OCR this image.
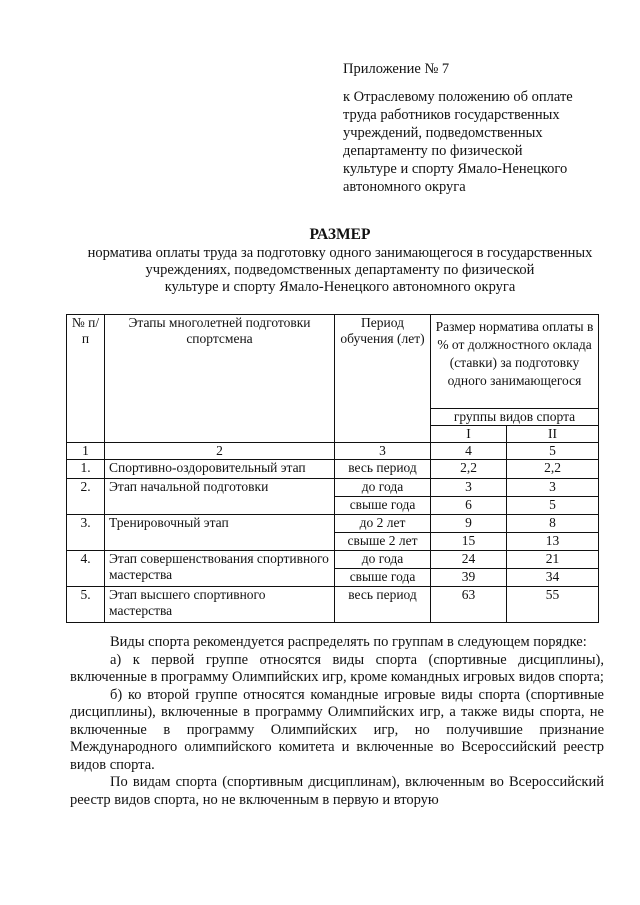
Приложение № 7
к Отраслевому положению об оплате
труда работников государственных
учреждений, подведомственных
департаменту по физической
культуре и спорту Ямало-Ненецкого
автономного округа
РАЗМЕР
норматива оплаты труда за подготовку одного занимающегося в государственных
учреждениях, подведомственных департаменту по физической
культуре и спорту Ямало-Ненецкого автономного округа
№ п/п	Этапы многолетней подготовки спортсмена	Период обучения (лет)	Размер норматива оплаты в % от должностного оклада (ставки) за подготовку одного занимающегося	
			группы видов спорта	
			I	II
1	2	3	4	5
1.	Спортивно-оздоровительный этап	весь период	2,2	2,2
2.	Этап начальной подготовки	до года	3	3
		свыше года	6	5
3.	Тренировочный этап	до 2 лет	9	8
		свыше 2 лет	15	13
4.	Этап совершенствования спортивного мастерства	до года	24	21
		свыше года	39	34
5.	Этап высшего спортивного мастерства	весь период	63	55

Виды спорта рекомендуется распределять по группам в следующем порядке:

а) к первой группе относятся виды спорта (спортивные дисциплины), включенные в программу Олимпийских игр, кроме командных игровых видов спорта;

б) ко второй группе относятся командные игровые виды спорта (спортивные дисциплины), включенные в программу Олимпийских игр, а также виды спорта, не включенные в программу Олимпийских игр, но получившие признание Международного олимпийского комитета и включенные во Всероссийский реестр видов спорта.

По видам спорта (спортивным дисциплинам), включенным во Всероссийский реестр видов спорта, но не включенным в первую и вторую
